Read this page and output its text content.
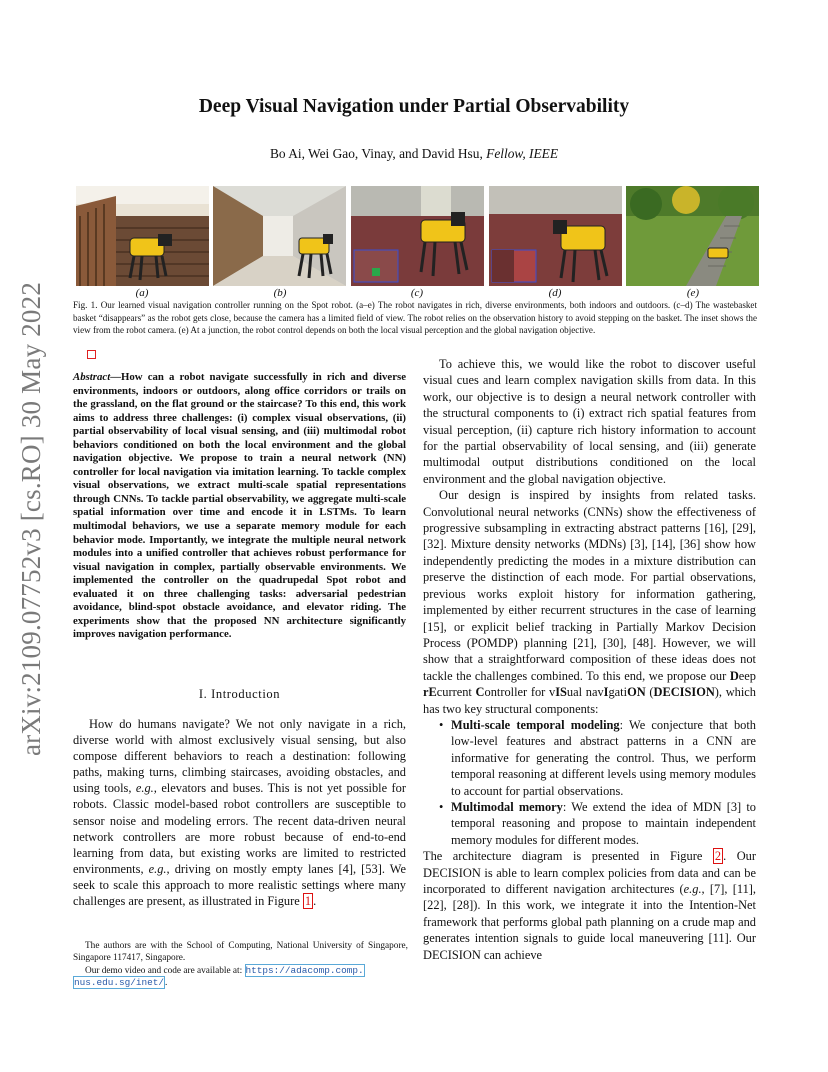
Deep Visual Navigation under Partial Observability
Bo Ai, Wei Gao, Vinay, and David Hsu, Fellow, IEEE
arXiv:2109.07752v3 [cs.RO] 30 May 2022	(a)	(b)	(c)	(d)	(e)
Fig. 1. Our learned visual navigation controller running on the Spot robot. (a–e) The robot navigates in rich, diverse environments, both indoors and outdoors. (c–d) The wastebasket basket “disappears” as the robot gets close, because the camera has a limited field of view. The robot relies on the observation history to avoid stepping on the basket. The inset shows the view from the robot camera. (e) At a junction, the robot control depends on both the local visual perception and the global navigation objective.
Abstract—How can a robot navigate successfully in rich and diverse environments, indoors or outdoors, along office corridors or trails on the grassland, on the flat ground or the staircase? To this end, this work aims to address three challenges: (i) complex visual observations, (ii) partial observability of local visual sensing, and (iii) multimodal robot behaviors conditioned on both the local environment and the global navigation objective. We propose to train a neural network (NN) controller for local navigation via imitation learning. To tackle complex visual observations, we extract multi-scale spatial representations through CNNs. To tackle partial observability, we aggregate multi-scale spatial information over time and encode it in LSTMs. To learn multimodal behaviors, we use a separate memory module for each behavior mode. Importantly, we integrate the multiple neural network modules into a unified controller that achieves robust performance for visual navigation in complex, partially observable environments. We implemented the controller on the quadrupedal Spot robot and evaluated it on three challenging tasks: adversarial pedestrian avoidance, blind-spot obstacle avoidance, and elevator riding. The experiments show that the proposed NN architecture significantly improves navigation performance.
I. Introduction

How do humans navigate? We not only navigate in a rich, diverse world with almost exclusively visual sensing, but also compose different behaviors to reach a destination: following paths, making turns, climbing staircases, avoiding obstacles, and using tools, e.g., elevators and buses. This is not yet possible for robots. Classic model-based robot controllers are susceptible to sensor noise and modeling errors. The recent data-driven neural network controllers are more robust because of end-to-end learning from data, but existing works are limited to restricted environments, e.g., driving on mostly empty lanes [4], [53]. We seek to scale this approach to more realistic settings where many challenges are present, as illustrated in Figure 1 .

The authors are with the School of Computing, National University of Singapore, Singapore 117417, Singapore.

Our demo video and code are available at: https://adacomp.comp.
nus.edu.sg/inet/.

To achieve this, we would like the robot to discover useful visual cues and learn complex navigation skills from data. In this work, our objective is to design a neural network controller with the structural components to (i) extract rich spatial features from visual perception, (ii) capture rich history information to account for the partial observability of local sensing, and (iii) generate multimodal output distributions conditioned on the local environment and the global navigation objective.

Our design is inspired by insights from related tasks. Convolutional neural networks (CNNs) show the effectiveness of progressive subsampling in extracting abstract patterns [16], [29], [32]. Mixture density networks (MDNs) [3], [14], [36] show how independently predicting the modes in a mixture distribution can preserve the distinction of each mode. For partial observations, previous works exploit history for information gathering, implemented by either recurrent structures in the case of learning [15], or explicit belief tracking in Partially Markov Decision Process (POMDP) planning [21], [30], [48]. However, we will show that a straightforward composition of these ideas does not tackle the challenges combined. To this end, we propose our Deep rEcurrent Controller for vISual navIgatiON (DECISION), which has two key structural components:

• Multi-scale temporal modeling: We conjecture that both low-level features and abstract patterns in a CNN are informative for generating the control. Thus, we perform temporal reasoning at different levels using memory modules to account for partial observations.
• Multimodal memory: We extend the idea of MDN [3] to temporal reasoning and propose to maintain independent memory modules for different modes.

The architecture diagram is presented in Figure 2 . Our DECISION is able to learn complex policies from data and can be incorporated to different navigation architectures (e.g., [7], [11], [22], [28]). In this work, we integrate it into the Intention-Net framework that performs global path planning on a crude map and generates intention signals to guide local maneuvering [11]. Our DECISION can achieve
